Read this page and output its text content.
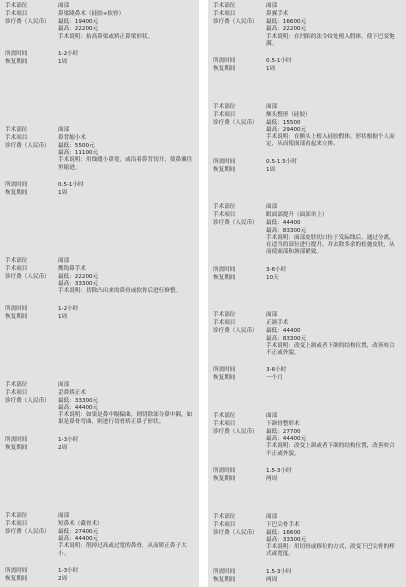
手术部位	面部
手术项目	鼻梁隆鼻术（硅胶+软骨）
诊疗费（人民币）	最低：19400元
最高：22200元
手术说明：抬高鼻梁或矫正鼻梁形状。
所需时间	1-2小时
恢复期间	1周
手术部位	面部
手术项目	鼻背缩小术
诊疗费（人民币）	最低：5500元
最高：11100元
手术说明：用线缝小鼻宽，或沿着鼻背切开，使鼻翼往里缩进。
所需时间	0.5-1小时
恢复期间	1周
手术部位	面部
手术项目	鹰钩鼻手术
诊疗费（人民币）	最低：22200元
最高：33300元
手术说明：切除凸出来的鼻骨或软骨后进行修整。
所需时间	1-2小时
恢复期间	1周
手术部位	面部
手术项目	歪鼻矫正术
诊疗费（人民币）	最低：33300元
最高：44400元
手术说明：如果是鼻中隔偏曲，则切除部分鼻中隔。如果是鼻骨弯曲，则进行切骨矫正鼻子形状。
所需时间	1-3小时
恢复期间	2周
手术部位	面部
手术项目	短鼻术（截骨术）
诊疗费（人民币）	最低：27400元
最高：44400元
手术说明：削掉过高或过宽的鼻骨，从而矫正鼻子大小。
所需时间	1-3小时
恢复期间	2周
手术部位	面部
手术项目	鼻翼手术
诊疗费（人民币）	最低：16600元
最高：22200元
手术说明：在凹陷的法令纹处植入假体，使下巴变饱满。
所需时间	0.5-1小时
恢复期间	1周
手术部位	面部
手术项目	额头整形（硅胶）
诊疗费（人民币）	最低：15500
最高：29400元
手术说明：在额头上植入硅胶假体。形状根据个人而定，从而使面部看起来立体。
所需时间	0.5-1.5小时
恢复期间	1周
手术部位	面部
手术项目	眼面部提升（面部单上）
诊疗费（人民币）	最低：44400
最高：83300元
手术说明：面部皮肤切口位于发际线后，通过分离，在适当的部位进行提升，并去除多余的松弛皮肤，从而使面部和颈部紧致。
所需时间	3-6小时
恢复期间	10天
手术部位	面部
手术项目	正颌手术
诊疗费（人民币）	最低：44400
最高：83300元
手术说明：改变上颌或者下颌的结构位置，改善咬合不正或外貌。
所需时间	3-6小时
恢复期间	一个月
手术部位	面部
手术项目	下颌骨整形术
诊疗费（人民币）	最低：27700
最高：44400元
手术说明：改变上颌或者下颌的结构位置，改善咬合不正或外貌。
所需时间	1.5-3小时
恢复期间	两周
手术部位	面部
手术项目	下巴尖骨手术
诊疗费（人民币）	最低：16600
最高：33300元
手术说明：用切骨或移位的方式，改变下巴尖骨的样式或宽度。
所需时间	1.5-3小时
恢复期间	两周
